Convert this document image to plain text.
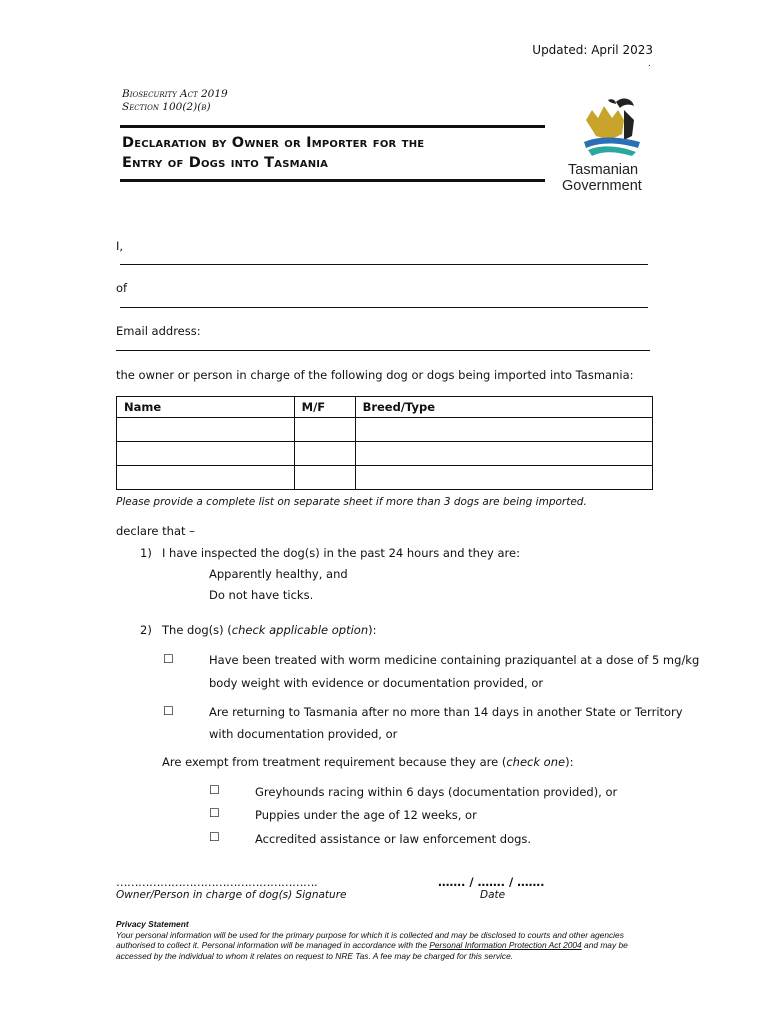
Updated: April 2023
.
Biosecurity Act 2019
Section 100(2)(b)
Declaration by Owner or Importer for the
Entry of Dogs into Tasmania	Tasmanian
Government
I,
of
Email address:
the owner or person in charge of the following dog or dogs being imported into Tasmania:
Name	M/F	Breed/Type

Please provide a complete list on separate sheet if more than 3 dogs are being imported.
declare that –
1) I have inspected the dog(s) in the past 24 hours and they are:
Apparently healthy, and
Do not have ticks.
2) The dog(s) (check applicable option):
☐	Have been treated with worm medicine containing praziquantel at a dose of 5 mg/kg
body weight with evidence or documentation provided, or
☐	Are returning to Tasmania after no more than 14 days in another State or Territory
with documentation provided, or
Are exempt from treatment requirement because they are (check one):
☐	Greyhounds racing within 6 days (documentation provided), or
☐	Puppies under the age of 12 weeks, or
☐	Accredited assistance or law enforcement dogs.
……………………………………………….
Owner/Person in charge of dog(s) Signature
……. / ……. / …….
Date
Privacy Statement
Your personal information will be used for the primary purpose for which it is collected and may be disclosed to courts and other agencies authorised to collect it. Personal information will be managed in accordance with the Personal Information Protection Act 2004 and may be accessed by the individual to whom it relates on request to NRE Tas. A fee may be charged for this service.
